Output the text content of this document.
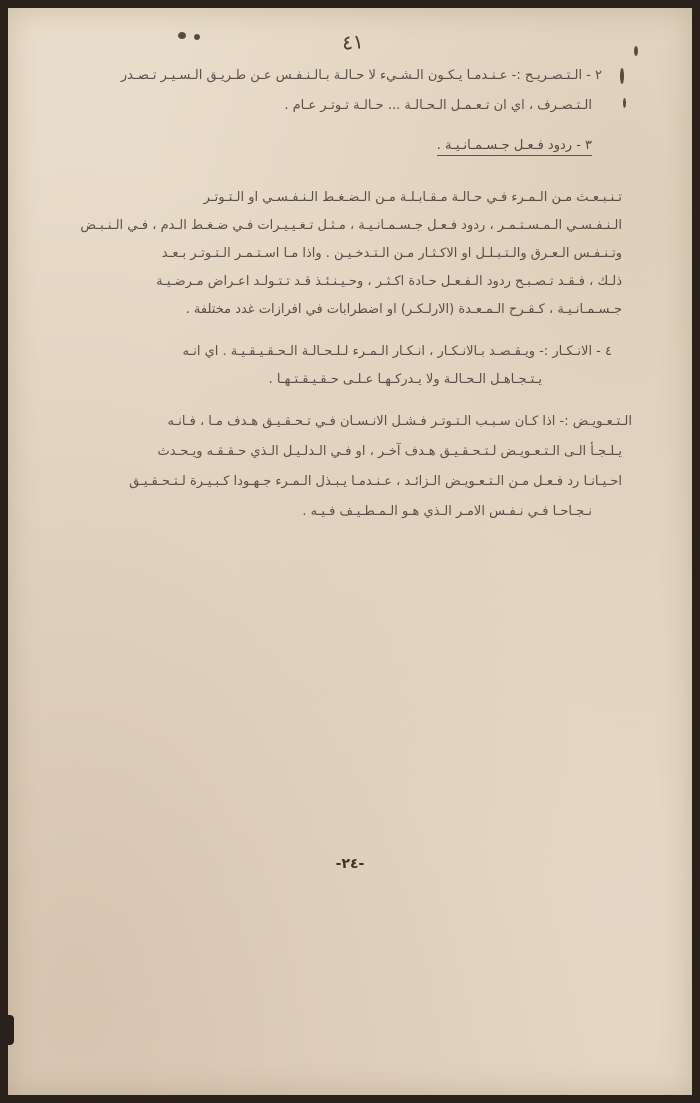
٤١
٢ - الـتـصـريـح :- عـنـدمـا يـكـون الـشـيء لا حـالـة بـالـنـفـس عـن طـريـق الـسـيـر تـصـدر
الـتـصـرف ، اي ان تـعـمـل الـحـالـة ... حـالـة تـوتـر عـام .
٣ - ردود فـعـل جـسـمـانـيـة .
تـنـبـعـث مـن الـمـرء فـي حـالـة مـقـابـلـة مـن الـضـغـط الـنـفـسـي او الـتـوتـر
الـنـفـسـي الـمـسـتـمـر ، ردود فـعـل جـسـمـانـيـة ، مـثـل تـغـيـيـرات فـي ضـغـط الـدم ، فـي الـنـبـض
وتـنـفـس الـعـرق والـتـبـلـل او الاكـثـار مـن الـتـدخـيـن . واذا مـا اسـتـمـر الـتـوتـر بـعـد
ذلـك ، فـقـد تـصـبـح ردود الـفـعـل حـادة اكـثـر ، وحـيـنـئـذ قـد تـتـولـد اعـراض مـرضـيـة
جـسـمـانـيـة ، كـقـرح الـمـعـدة (الارلـكـر) او اضطرابات في افرازات غدد مختلفة .
٤ - الانـكـار :- ويـقـصـد بـالانـكـار ، انـكـار الـمـرء لـلـحـالـة الـحـقـيـقـيـة . اي انـه
يـتـجـاهـل الـحـالـة ولا يـدركـهـا عـلـى حـقـيـقـتـهـا .
الـتـعـويـض :- اذا كـان سـبـب الـتـوتـر فـشـل الانـسـان فـي تـحـقـيـق هـدف مـا ، فـانـه
يـلـجـأ الـى الـتـعـويـض لـتـحـقـيـق هـدف آخـر ، او فـي الـدلـيـل الـذي حـقـقـه ويـحـدث
احـيـانـا رد فـعـل مـن الـتـعـويـض الـزائـد ، عـنـدمـا يـبـذل الـمـرء جـهـودا كـبـيـرة لـتـحـقـيـق
نـجـاحـا فـي نـفـس الامـر الـذي هـو الـمـطـيـف فـيـه .
-٢٤-
